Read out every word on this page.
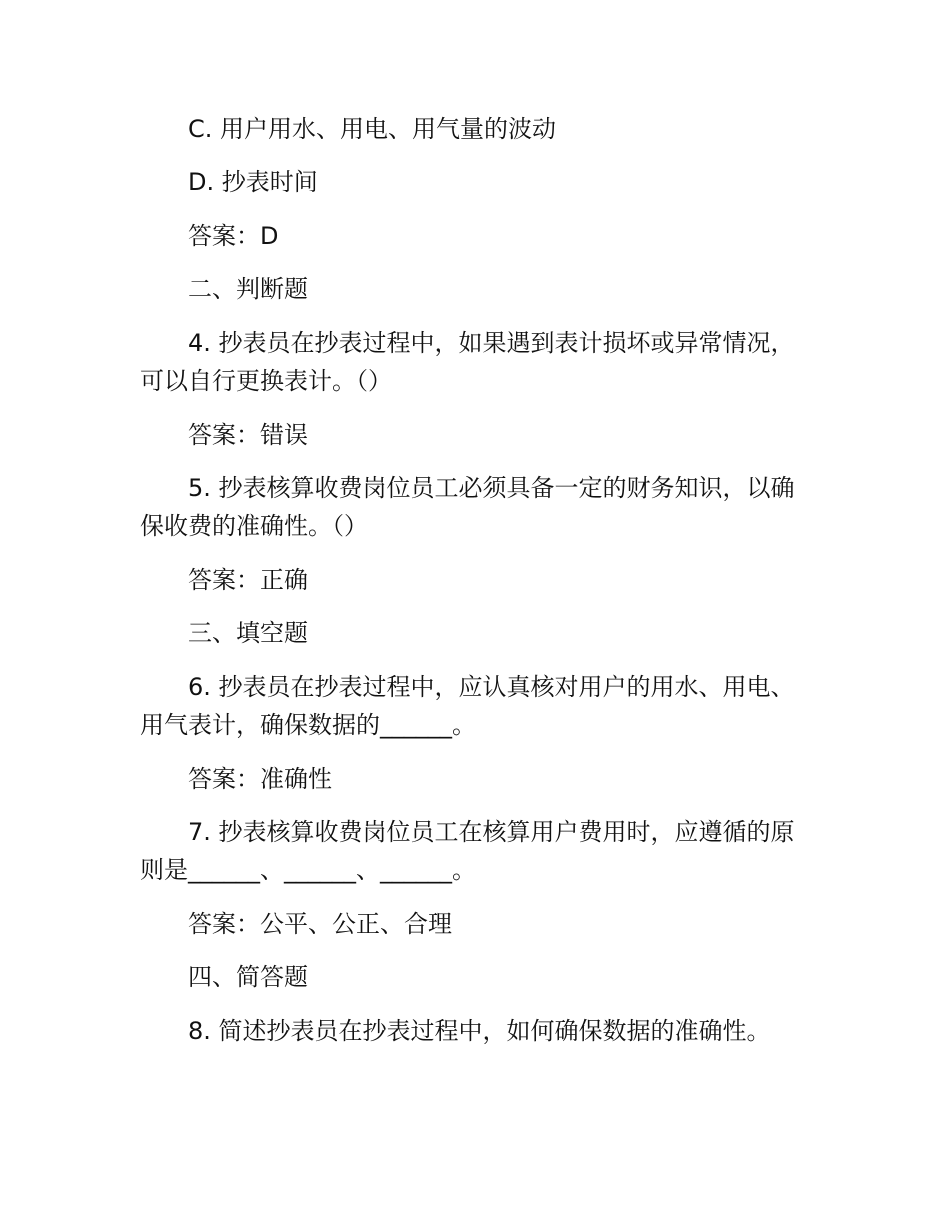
C. 用户用水、用电、用气量的波动

D. 抄表时间

答案：D

二、判断题

4. 抄表员在抄表过程中，如果遇到表计损坏或异常情况，

可以自行更换表计。（）

答案：错误

5. 抄表核算收费岗位员工必须具备一定的财务知识，以确

保收费的准确性。（）

答案：正确

三、填空题

6. 抄表员在抄表过程中，应认真核对用户的用水、用电、

用气表计，确保数据的______。

答案：准确性

7. 抄表核算收费岗位员工在核算用户费用时，应遵循的原

则是______、______、______。

答案：公平、公正、合理

四、简答题

8. 简述抄表员在抄表过程中，如何确保数据的准确性。
